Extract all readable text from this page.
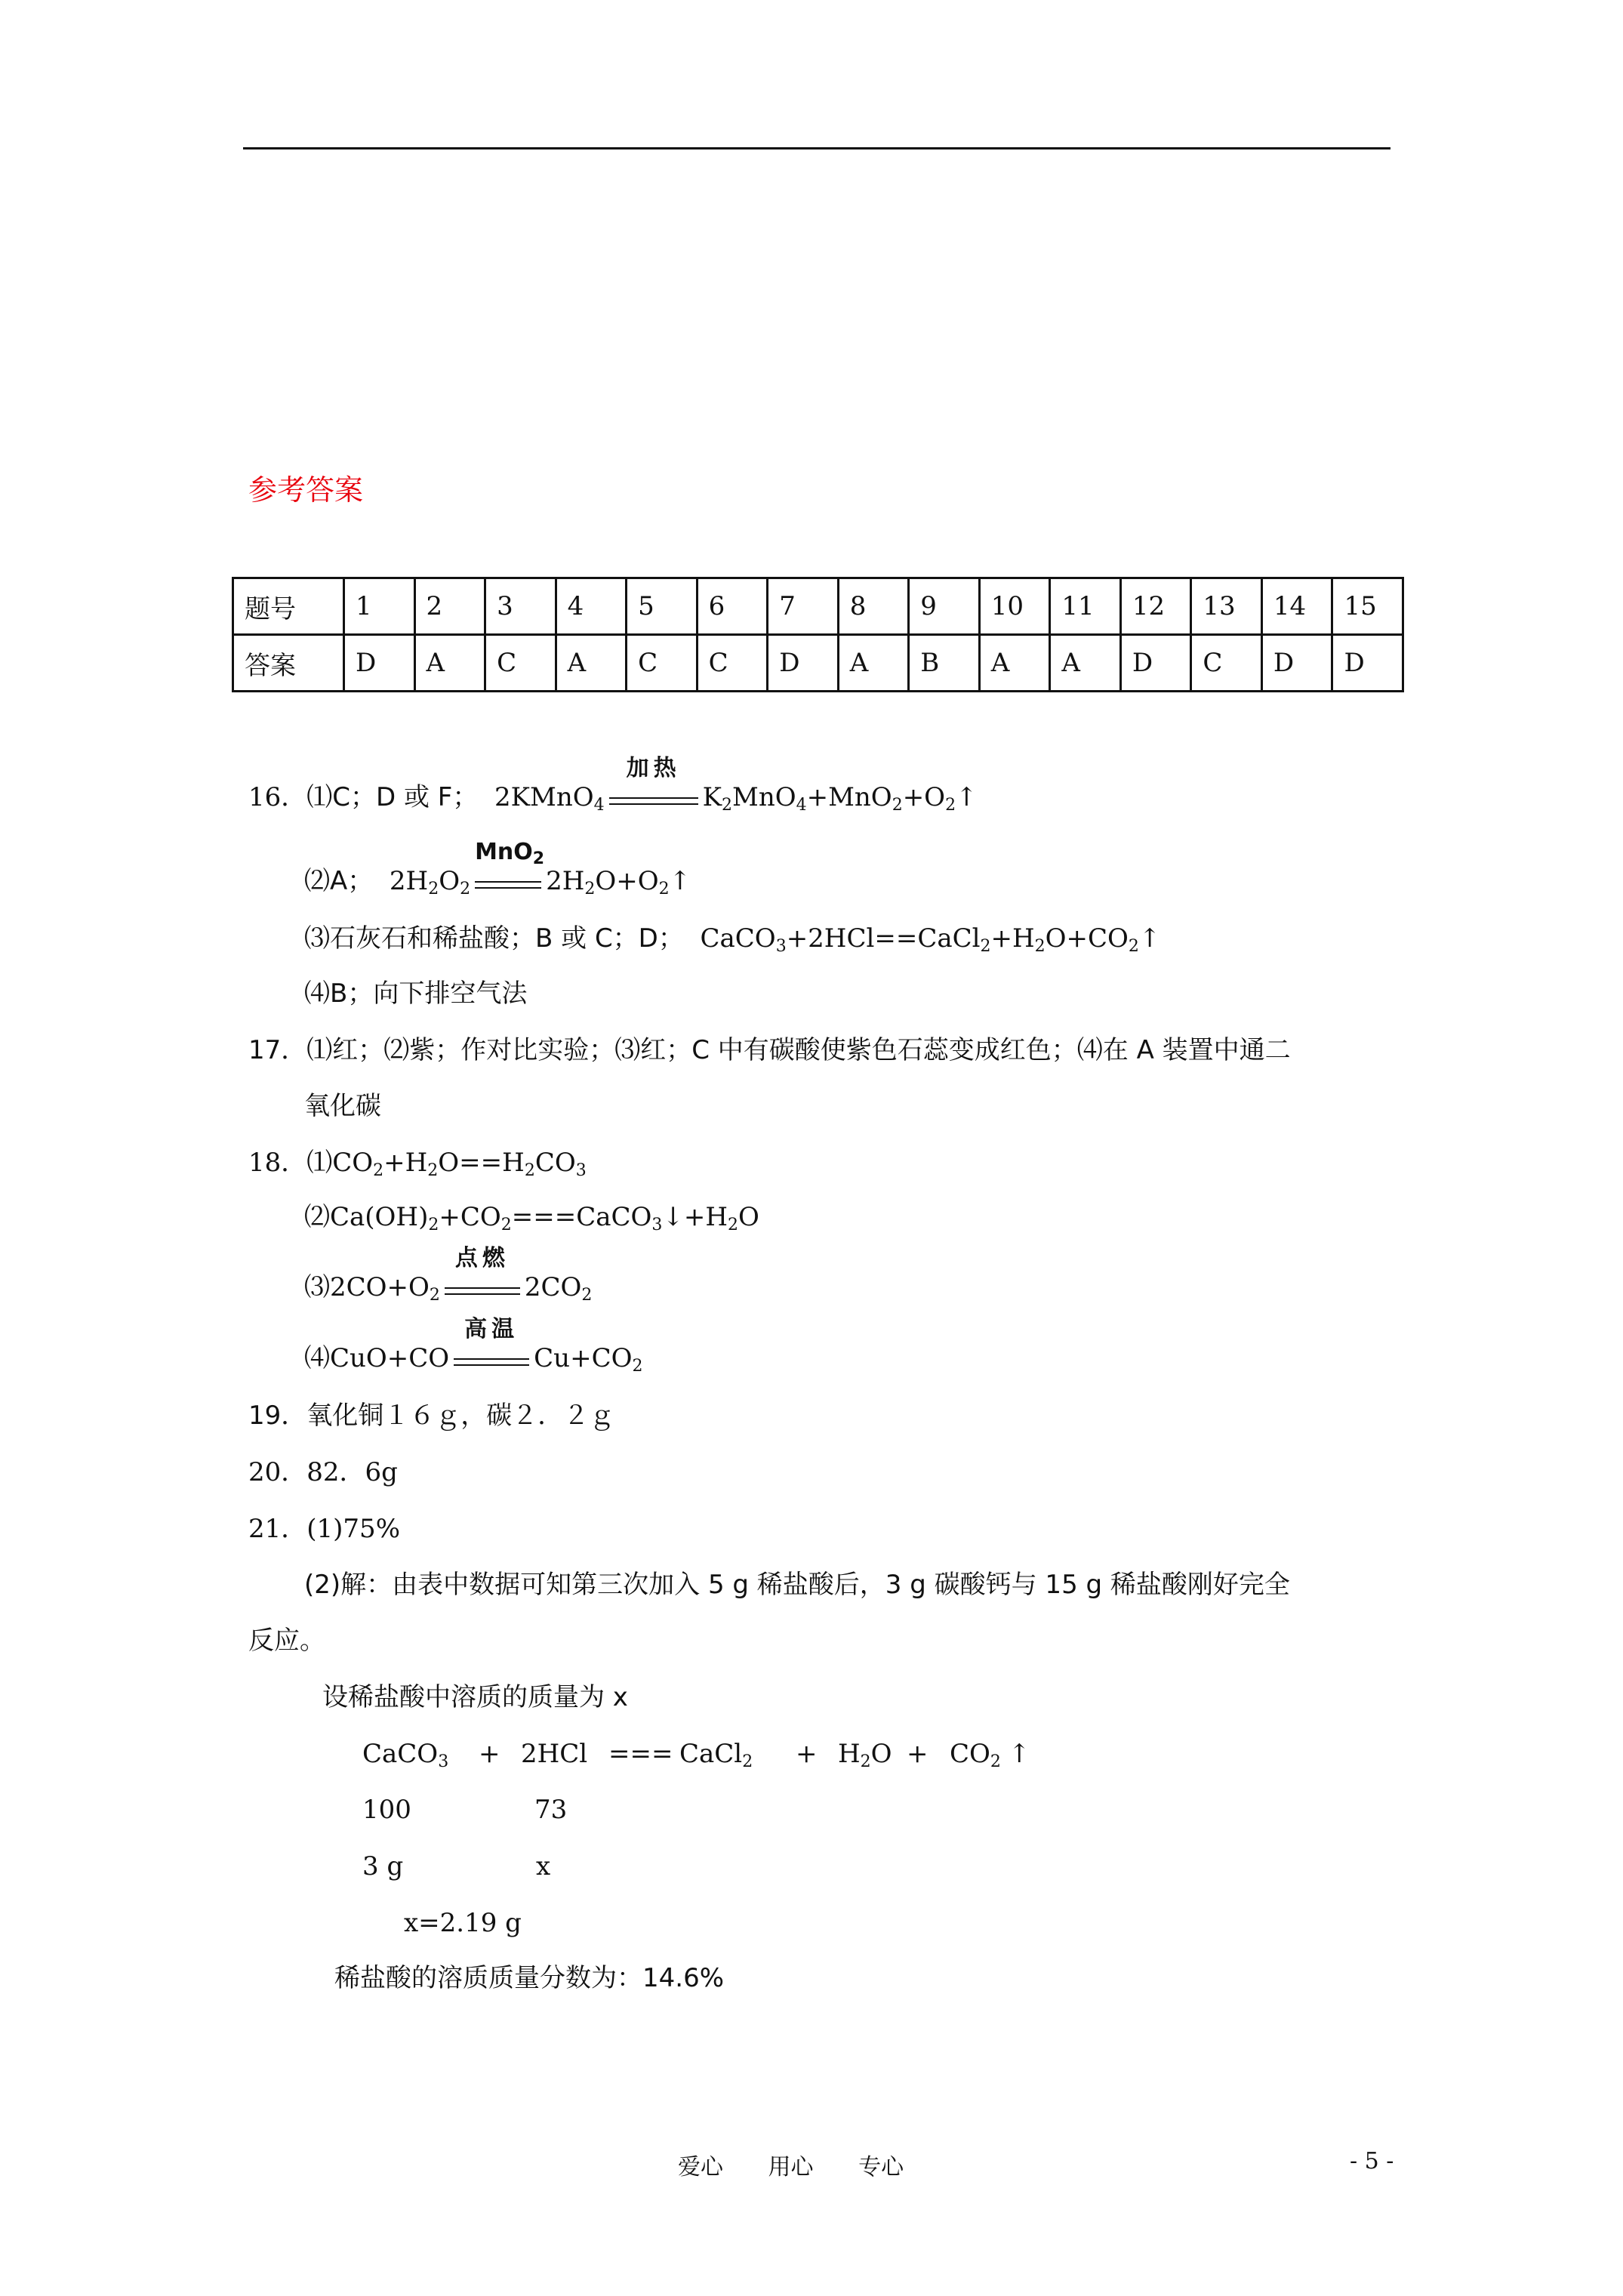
参考答案
题号	1	2	3	4	5	6	7	8	9	10	11	12	13	14	15
答案	D	A	C	A	C	C	D	A	B	A	A	D	C	D	D
16．⑴C；D 或 F； 2KMnO$_4$
加热
$K_2MnO_4+MnO_2+O_2↑$
⑵A； $2H_2O_2$
MnO$_2$
$2H_2O+O_2↑$
⑶石灰石和稀盐酸；B 或 C；D； $CaCO_3+2HCl==CaCl_2+H_2O+CO_2↑$
⑷B；向下排空气法
17．⑴红；⑵紫；作对比实验；⑶红；C 中有碳酸使紫色石蕊变成红色；⑷在 A 装置中通二
氧化碳
18．$⑴CO_2+H_2O==H_2CO_3$
$⑵Ca(OH)_2+CO_2===CaCO_3↓+H_2O$
$⑶2CO+O_2$
点燃
$2CO_2$
⑷CuO+CO
高温
$Cu+CO_2$
19．氧化铜１６ｇ，碳２．２ｇ
20．82．6g
21．(1)75%
(2)解：由表中数据可知第三次加入 5 g 稀盐酸后，3 g 碳酸钙与 15 g 稀盐酸刚好完全
反应。
设稀盐酸中溶质的质量为 x
CaCO$_3$ + 2HCl === CaCl$_2$ + $H_2O + CO_2$ ↑
100	73
3 g	x
x=2.19 g
稀盐酸的溶质质量分数为：14.6%
爱心 用心 专心	- 5 -
